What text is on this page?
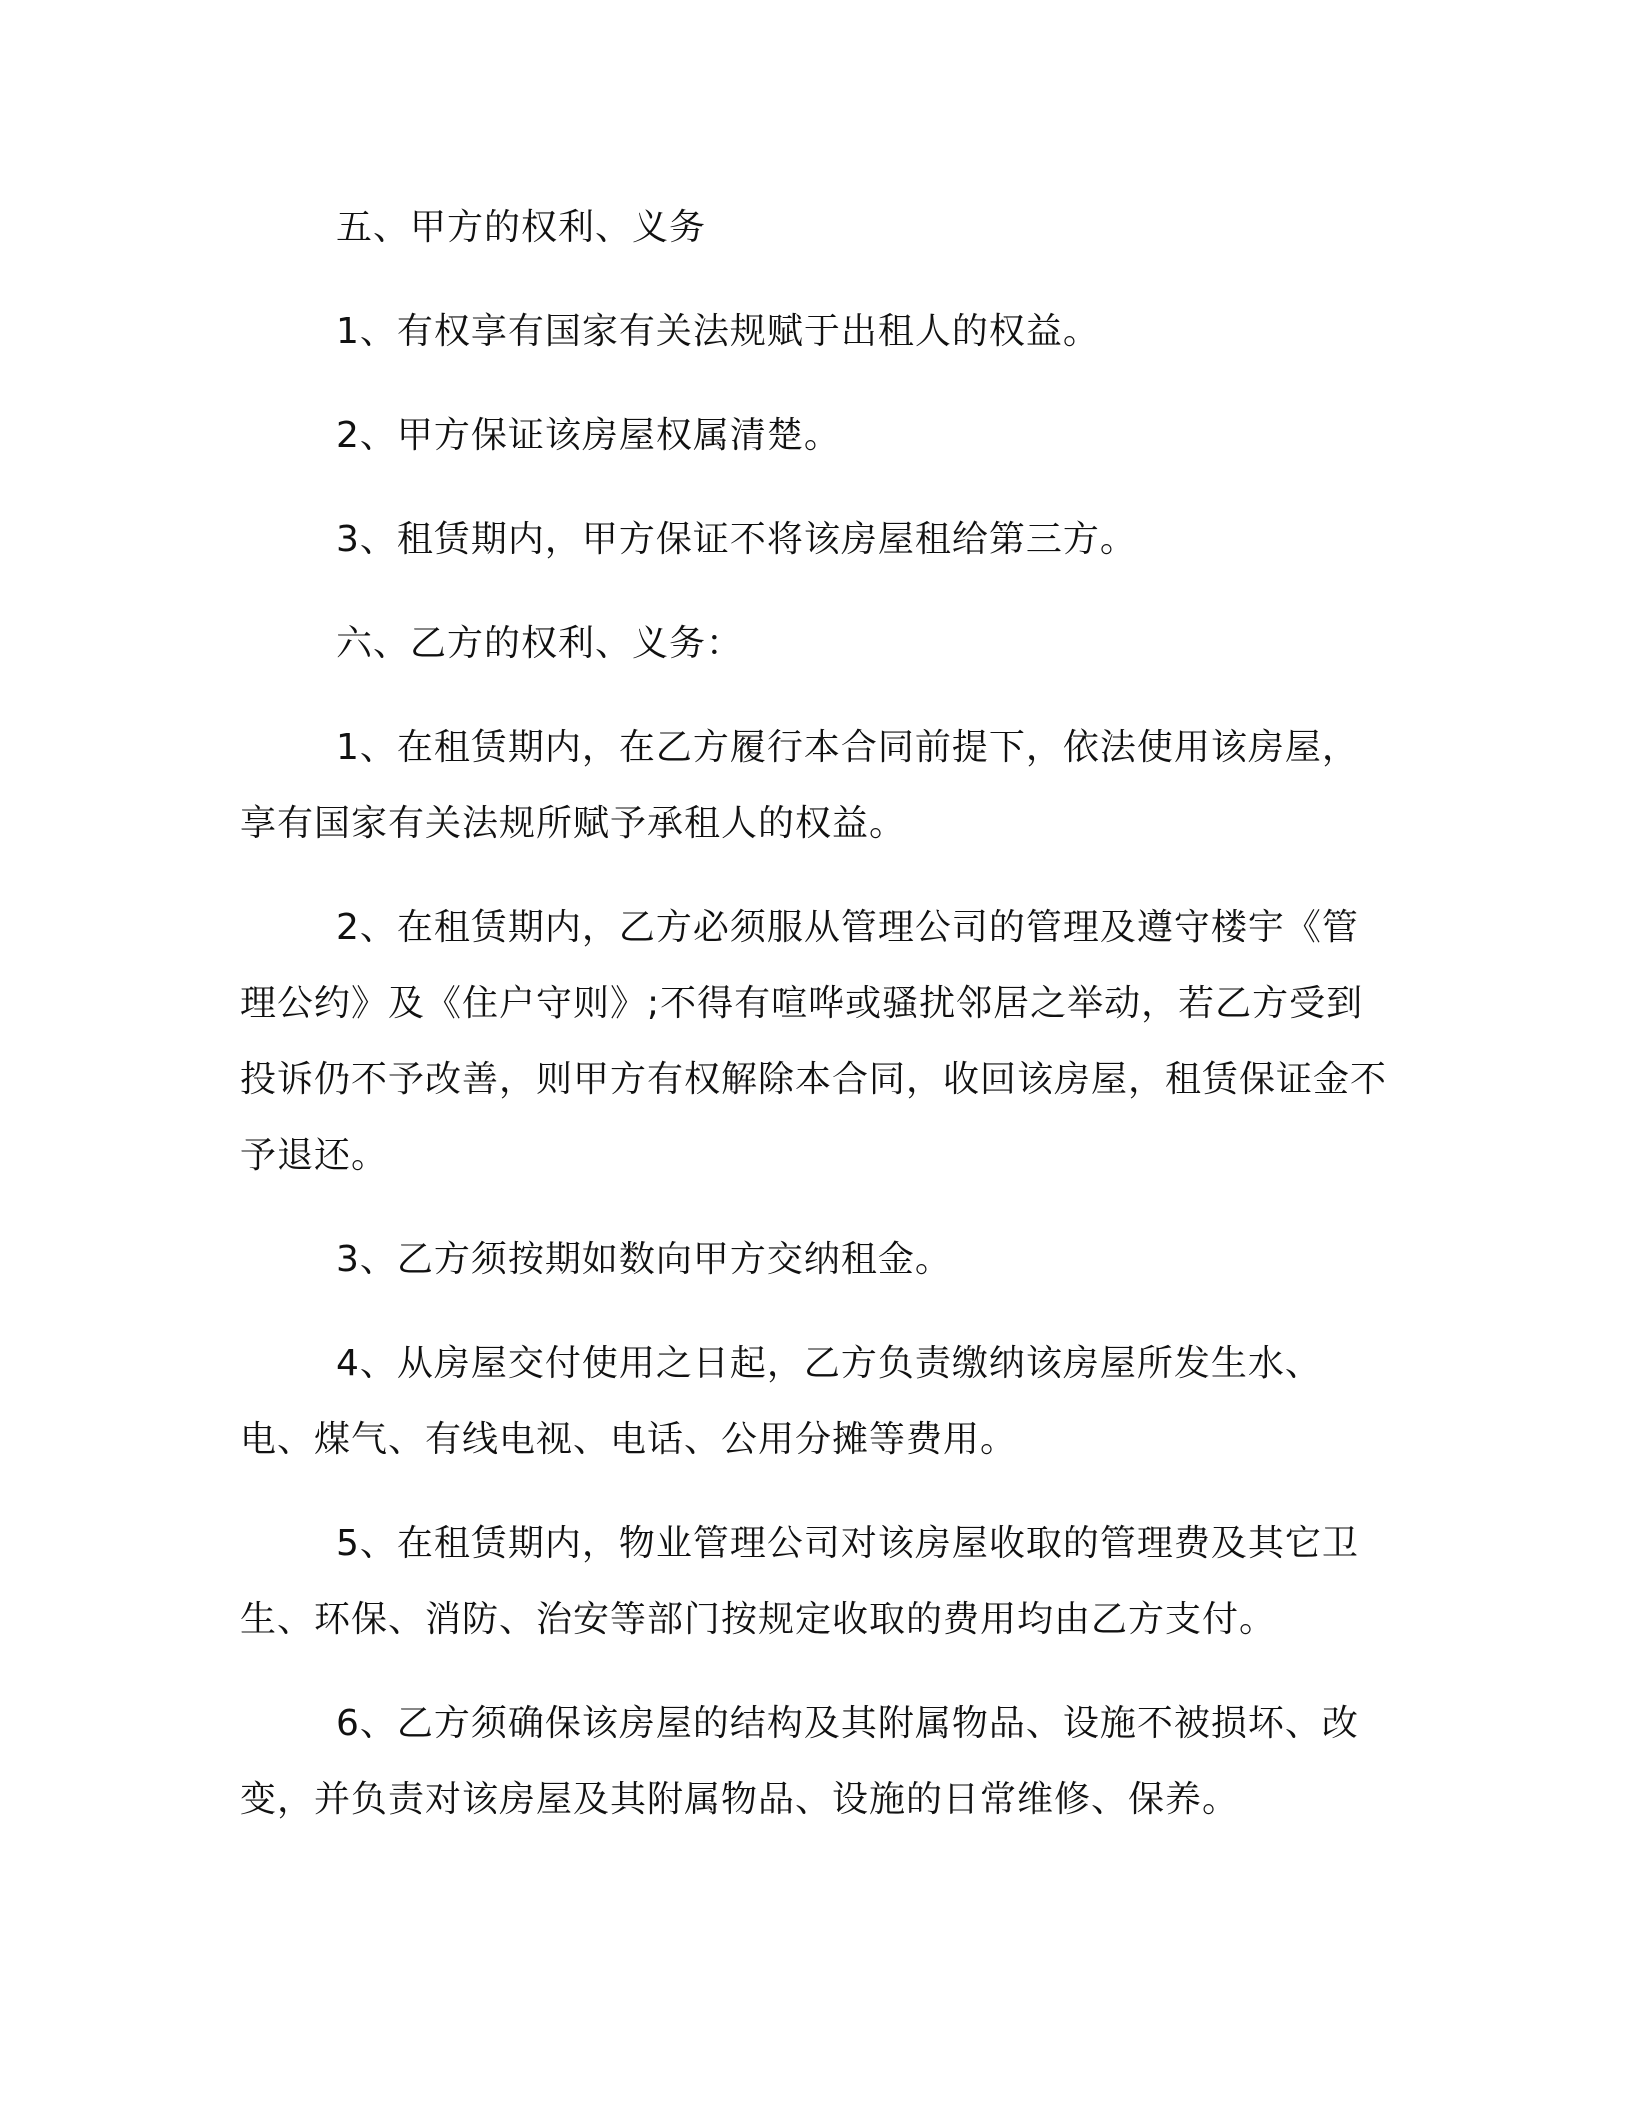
五、甲方的权利、义务

1、有权享有国家有关法规赋于出租人的权益。

2、甲方保证该房屋权属清楚。

3、租赁期内，甲方保证不将该房屋租给第三方。

六、乙方的权利、义务：

1、在租赁期内，在乙方履行本合同前提下，依法使用该房屋，享有国家有关法规所赋予承租人的权益。

2、在租赁期内，乙方必须服从管理公司的管理及遵守楼宇《管理公约》及《住户守则》;不得有喧哗或骚扰邻居之举动，若乙方受到投诉仍不予改善，则甲方有权解除本合同，收回该房屋，租赁保证金不予退还。

3、乙方须按期如数向甲方交纳租金。

4、从房屋交付使用之日起，乙方负责缴纳该房屋所发生水、电、煤气、有线电视、电话、公用分摊等费用。

5、在租赁期内，物业管理公司对该房屋收取的管理费及其它卫生、环保、消防、治安等部门按规定收取的费用均由乙方支付。

6、乙方须确保该房屋的结构及其附属物品、设施不被损坏、改变，并负责对该房屋及其附属物品、设施的日常维修、保养。
